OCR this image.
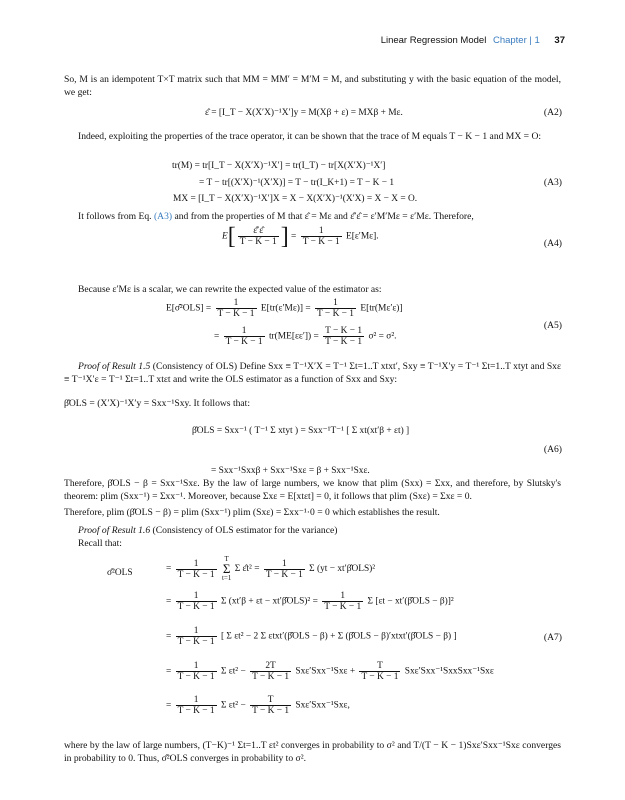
Linear Regression Model Chapter | 1 37
So, M is an idempotent T×T matrix such that MM = MM′ = M′M = M, and substituting y with the basic equation of the model, we get:
ε̂ = [I_T − X(X′X)⁻¹X′]y = M(Xβ + ε) = MXβ + Mε.	(A2)
Indeed, exploiting the properties of the trace operator, it can be shown that the trace of M equals T − K − 1 and MX = O:
tr(M) = tr[I_T − X(X′X)⁻¹X′] = tr(I_T) − tr[X(X′X)⁻¹X′]
= T − tr[(X′X)⁻¹(X′X)] = T − tr(I_K+1) = T − K − 1
MX = [I_T − X(X′X)⁻¹X′]X = X − X(X′X)⁻¹(X′X) = X − X = O.
(A3)
It follows from Eq. (A3) and from the properties of M that ε̂ = Mε and ε̂′ε̂ = ε′M′Mε = ε′Mε. Therefore,
$E[ \frac{\varepsilon̂'\varepsilon̂}{T - K - 1}$ ] = $\frac{1}{T - K - 1} E[\varepsilon'M\varepsilon]$.
(A4)
Because ε′Mε is a scalar, we can rewrite the expected value of the estimator as:
E[σ̂²OLS] = $\frac{1}{T - K - 1} E[tr(\varepsilon'M\varepsilon)] = \frac{1}{T - K - 1} E[tr(M\varepsilon'\varepsilon)]$
= $\frac{1}{T - K - 1} tr(ME[\varepsilon\varepsilon']) = \frac{T - K - 1}{T - K - 1} \sigma^2 = \sigma^2$.
(A5)
Proof of Result 1.5 (Consistency of OLS) Define Sxx ≡ T⁻¹X′X = T⁻¹ Σt=1..T xtxt′, Sxy ≡ T⁻¹X′y = T⁻¹ Σt=1..T xtyt and Sxε ≡ T⁻¹X′ε = T⁻¹ Σt=1..T xtεt and write the OLS estimator as a function of Sxx and Sxy:
β̂OLS = (X′X)⁻¹X′y = Sxx⁻¹Sxy. It follows that:
β̂OLS = Sxx⁻¹ ( T⁻¹ Σ xtyt ) = Sxx⁻¹T⁻¹ [ Σ xt(xt′β + εt) ]
= Sxx⁻¹Sxxβ + Sxx⁻¹Sxε = β + Sxx⁻¹Sxε.
(A6)
Therefore, β̂OLS − β = Sxx⁻¹Sxε. By the law of large numbers, we know that plim (Sxx) = Σxx, and therefore, by Slutsky's theorem: plim (Sxx⁻¹) = Σxx⁻¹. Moreover, because Σxε = E[xtεt] = 0, it follows that plim (Sxε) = Σxε = 0.
Therefore, plim (β̂OLS − β) = plim (Sxx⁻¹) plim (Sxε) = Σxx⁻¹·0 = 0 which establishes the result.
Proof of Result 1.6 (Consistency of OLS estimator for the variance)
Recall that:
σ̂²OLS	= $\frac{1}{T - K - 1}$ T
Σ
t=1 Σ ε̂t² = $\frac{1}{T - K - 1}$ Σ (yt − xt′β̂OLS)²
= $\frac{1}{T - K - 1}$ Σ (xt′β + εt − xt′β̂OLS)² = $\frac{1}{T - K - 1}$ Σ [εt − xt′(β̂OLS − β)]²
= $\frac{1}{T - K - 1}$ [ Σ εt² − 2 Σ εtxt′(β̂OLS − β) + Σ (β̂OLS − β)′xtxt′(β̂OLS − β) ]
= $\frac{1}{T - K - 1}$ Σ $\varepsilon t^2 - \frac{2T}{T - K - 1} Sx\varepsilon'Sxx^{-1}Sx\varepsilon + \frac{T}{T - K - 1}$ Sxε′Sxx⁻¹SxxSxx⁻¹Sxε
= $\frac{1}{T - K - 1}$ Σ $\varepsilon t^2 - \frac{T}{T - K - 1} Sx\varepsilon'Sxx^{-1}Sx\varepsilon$,
(A7)
where by the law of large numbers, (T−K)⁻¹ Σt=1..T εt² converges in probability to σ² and T/(T − K − 1)Sxε′Sxx⁻¹Sxε converges in probability to 0. Thus, σ̂²OLS converges in probability to σ².
